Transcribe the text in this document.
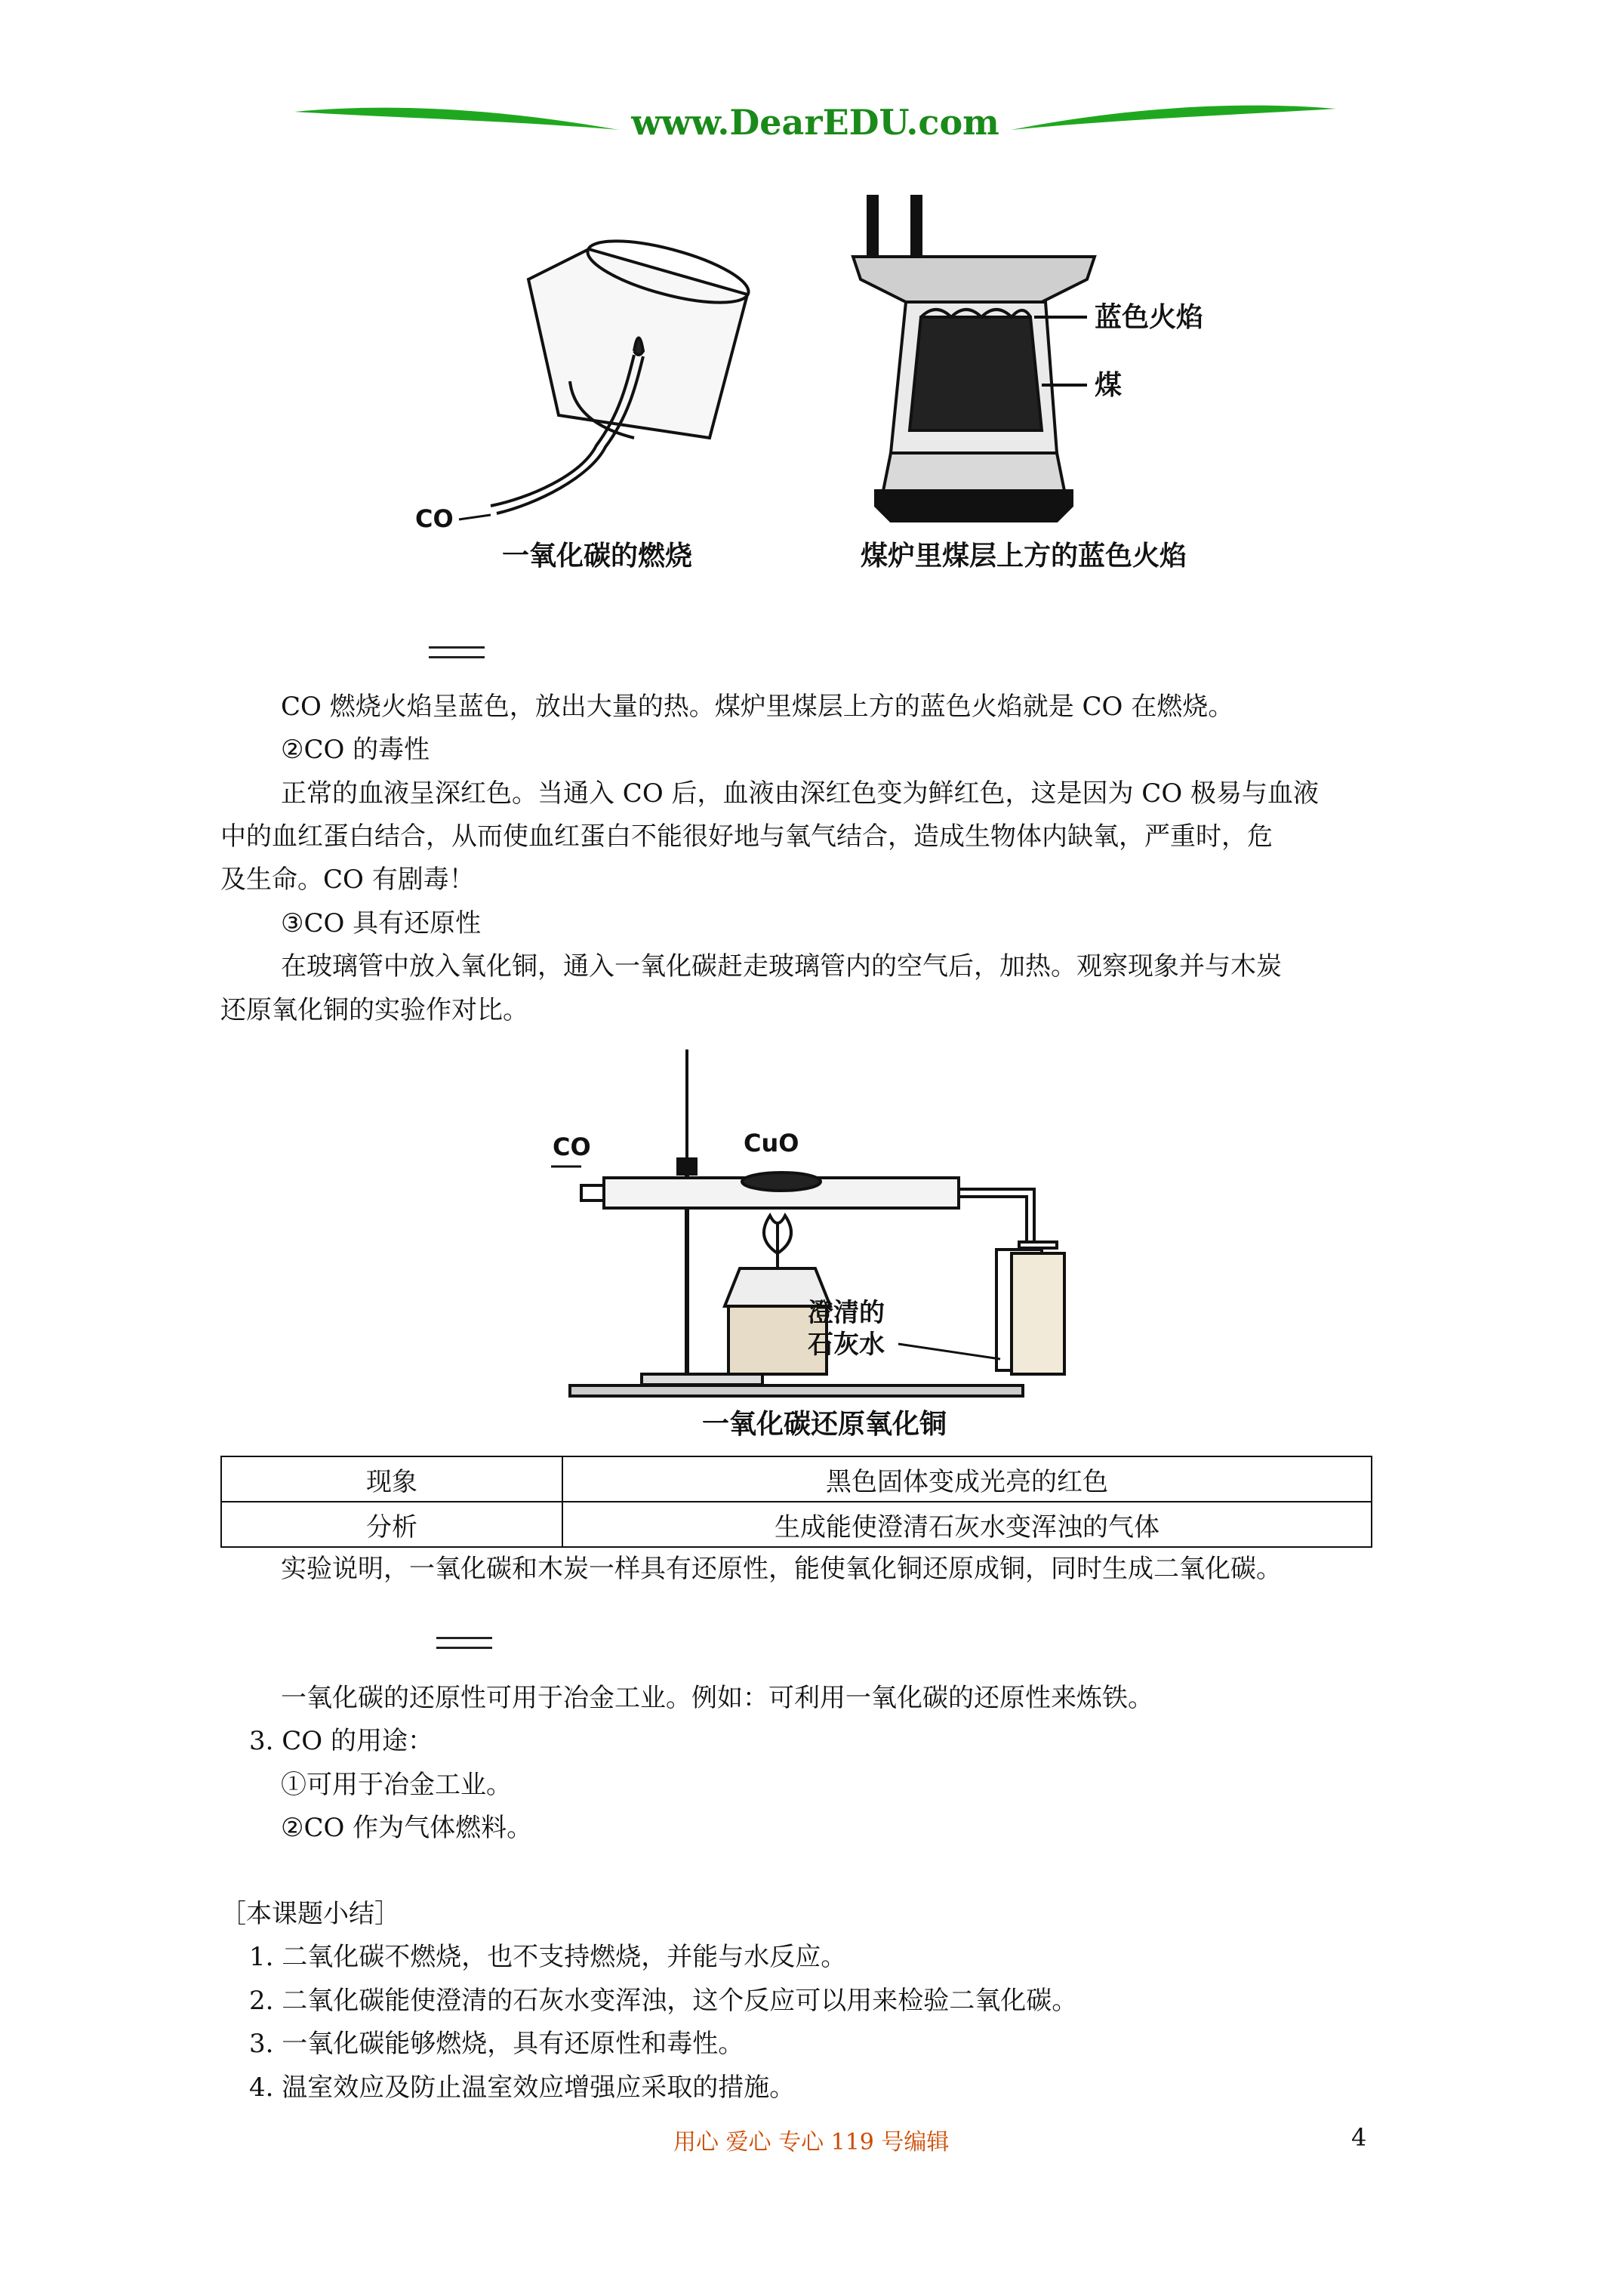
www.DearEDU.com
CO
一氧化碳的燃烧
蓝色火焰
煤
煤炉里煤层上方的蓝色火焰
CO 燃烧火焰呈蓝色，放出大量的热。煤炉里煤层上方的蓝色火焰就是 CO 在燃烧。
②CO 的毒性
正常的血液呈深红色。当通入 CO 后，血液由深红色变为鲜红色，这是因为 CO 极易与血液
中的血红蛋白结合，从而使血红蛋白不能很好地与氧气结合，造成生物体内缺氧，严重时，危
及生命。CO 有剧毒！
③CO 具有还原性
在玻璃管中放入氧化铜，通入一氧化碳赶走玻璃管内的空气后，加热。观察现象并与木炭
还原氧化铜的实验作对比。
CO	CuO
澄清的
石灰水
一氧化碳还原氧化铜
现象	黑色固体变成光亮的红色
分析	生成能使澄清石灰水变浑浊的气体
实验说明，一氧化碳和木炭一样具有还原性，能使氧化铜还原成铜，同时生成二氧化碳。
一氧化碳的还原性可用于冶金工业。例如：可利用一氧化碳的还原性来炼铁。
3. CO 的用途：
①可用于冶金工业。
②CO 作为气体燃料。
［本课题小结］
1. 二氧化碳不燃烧，也不支持燃烧，并能与水反应。
2. 二氧化碳能使澄清的石灰水变浑浊，这个反应可以用来检验二氧化碳。
3. 一氧化碳能够燃烧，具有还原性和毒性。
4. 温室效应及防止温室效应增强应采取的措施。
用心 爱心 专心 119 号编辑	4
